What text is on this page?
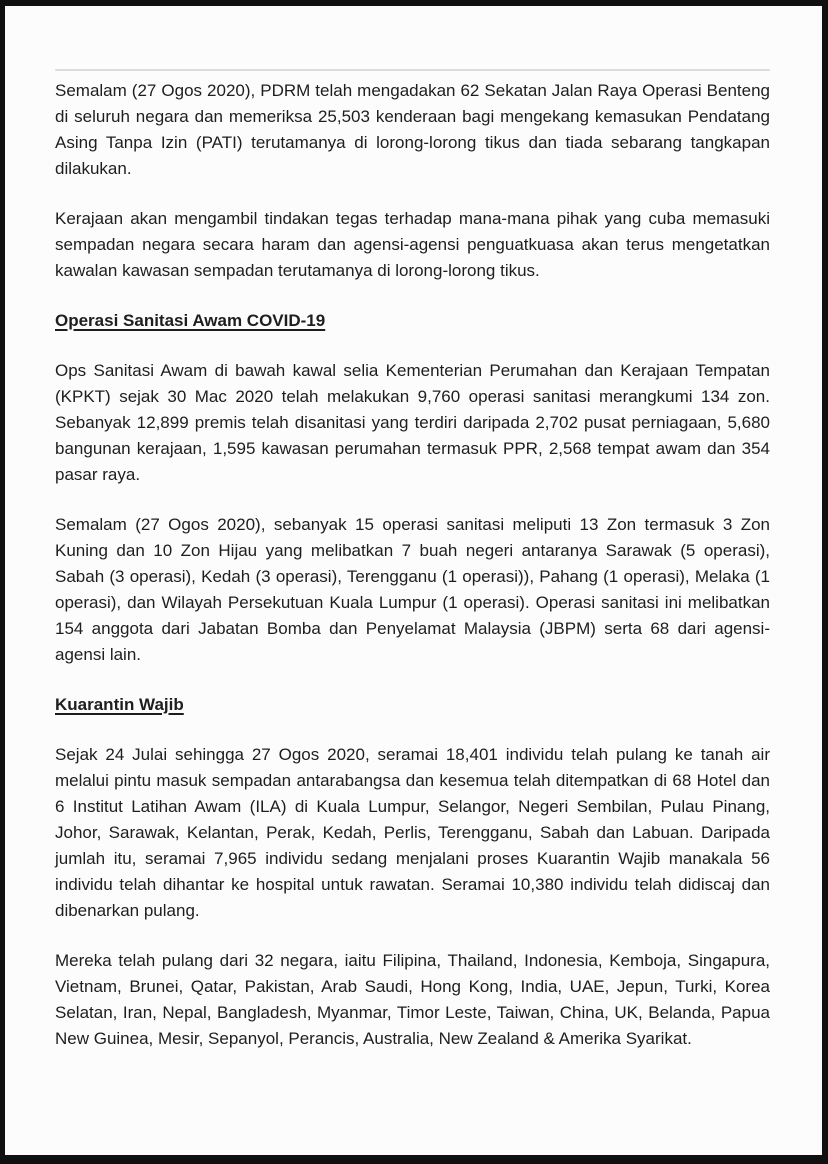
Semalam (27 Ogos 2020), PDRM telah mengadakan 62 Sekatan Jalan Raya Operasi Benteng di seluruh negara dan memeriksa 25,503 kenderaan bagi mengekang kemasukan Pendatang Asing Tanpa Izin (PATI) terutamanya di lorong-lorong tikus dan tiada sebarang tangkapan dilakukan.

Kerajaan akan mengambil tindakan tegas terhadap mana-mana pihak yang cuba memasuki sempadan negara secara haram dan agensi-agensi penguatkuasa akan terus mengetatkan kawalan kawasan sempadan terutamanya di lorong-lorong tikus.

Operasi Sanitasi Awam COVID-19

Ops Sanitasi Awam di bawah kawal selia Kementerian Perumahan dan Kerajaan Tempatan (KPKT) sejak 30 Mac 2020 telah melakukan 9,760 operasi sanitasi merangkumi 134 zon. Sebanyak 12,899 premis telah disanitasi yang terdiri daripada 2,702 pusat perniagaan, 5,680 bangunan kerajaan, 1,595 kawasan perumahan termasuk PPR, 2,568 tempat awam dan 354 pasar raya.

Semalam (27 Ogos 2020), sebanyak 15 operasi sanitasi meliputi 13 Zon termasuk 3 Zon Kuning dan 10 Zon Hijau yang melibatkan 7 buah negeri antaranya Sarawak (5 operasi), Sabah (3 operasi), Kedah (3 operasi), Terengganu (1 operasi)), Pahang (1 operasi), Melaka (1 operasi), dan Wilayah Persekutuan Kuala Lumpur (1 operasi). Operasi sanitasi ini melibatkan 154 anggota dari Jabatan Bomba dan Penyelamat Malaysia (JBPM) serta 68 dari agensi-agensi lain.

Kuarantin Wajib

Sejak 24 Julai sehingga 27 Ogos 2020, seramai 18,401 individu telah pulang ke tanah air melalui pintu masuk sempadan antarabangsa dan kesemua telah ditempatkan di 68 Hotel dan 6 Institut Latihan Awam (ILA) di Kuala Lumpur, Selangor, Negeri Sembilan, Pulau Pinang, Johor, Sarawak, Kelantan, Perak, Kedah, Perlis, Terengganu, Sabah dan Labuan. Daripada jumlah itu, seramai 7,965 individu sedang menjalani proses Kuarantin Wajib manakala 56 individu telah dihantar ke hospital untuk rawatan. Seramai 10,380 individu telah didiscaj dan dibenarkan pulang.

Mereka telah pulang dari 32 negara, iaitu Filipina, Thailand, Indonesia, Kemboja, Singapura, Vietnam, Brunei, Qatar, Pakistan, Arab Saudi, Hong Kong, India, UAE, Jepun, Turki, Korea Selatan, Iran, Nepal, Bangladesh, Myanmar, Timor Leste, Taiwan, China, UK, Belanda, Papua New Guinea, Mesir, Sepanyol, Perancis, Australia, New Zealand & Amerika Syarikat.
